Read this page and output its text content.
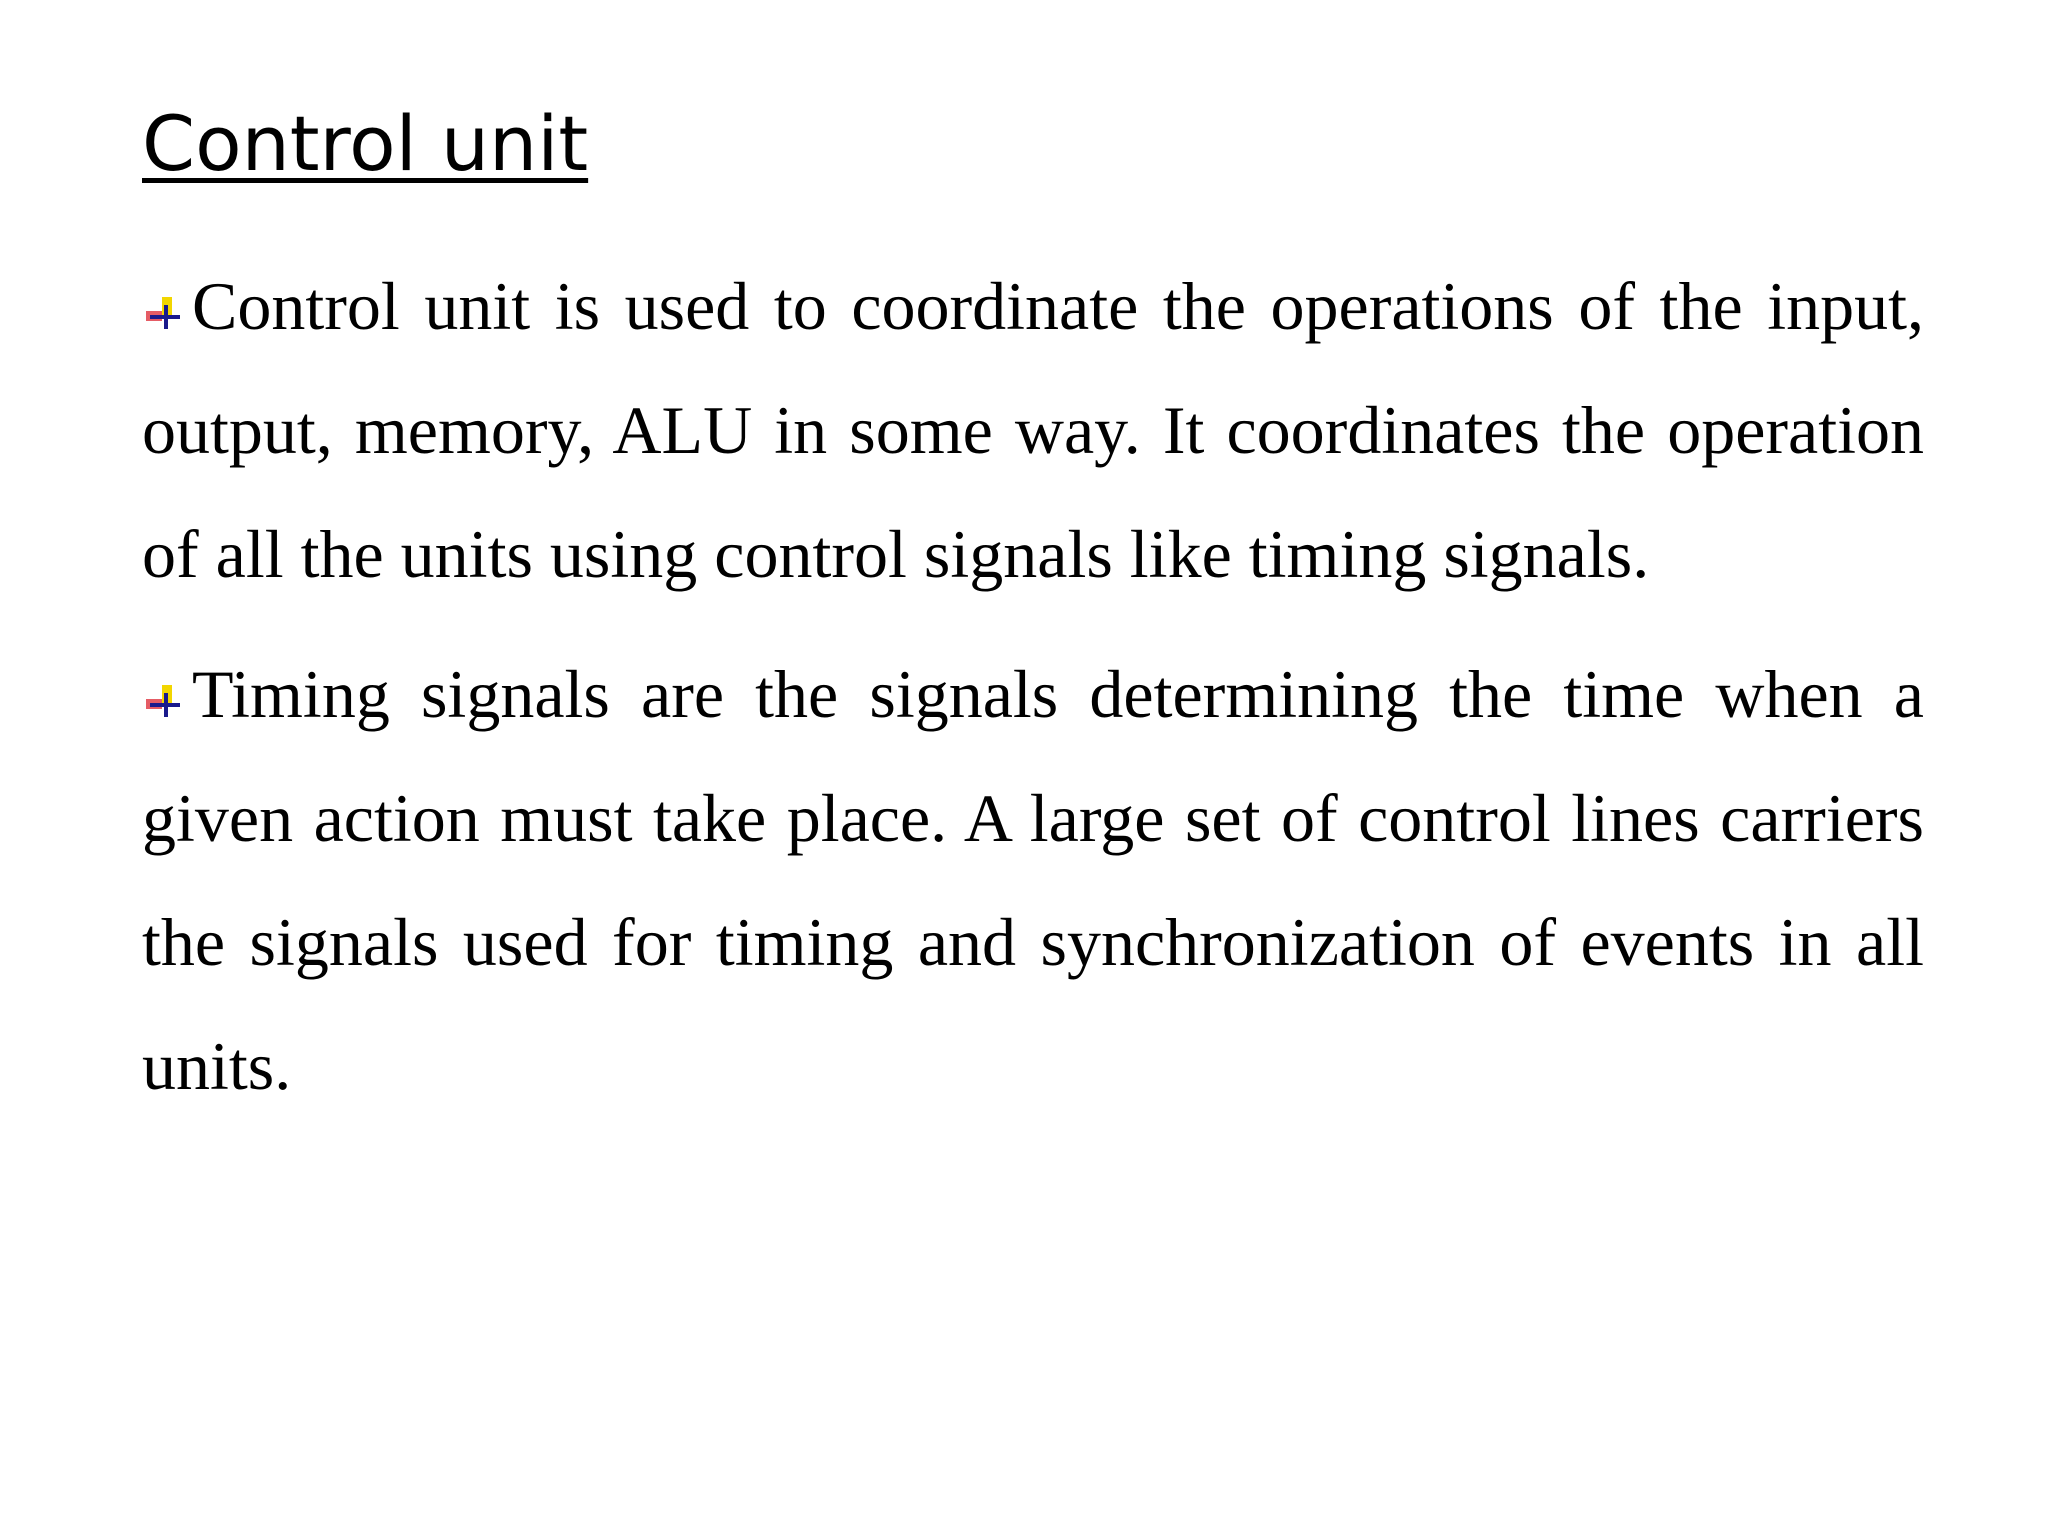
Control unit

Control unit is used to coordinate the operations of the input, output, memory, ALU in some way. It coordinates the operation of all the units using control signals like timing signals.

Timing signals are the signals determining the time when a given action must take place. A large set of control lines carriers the signals used for timing and synchronization of events in all units.
